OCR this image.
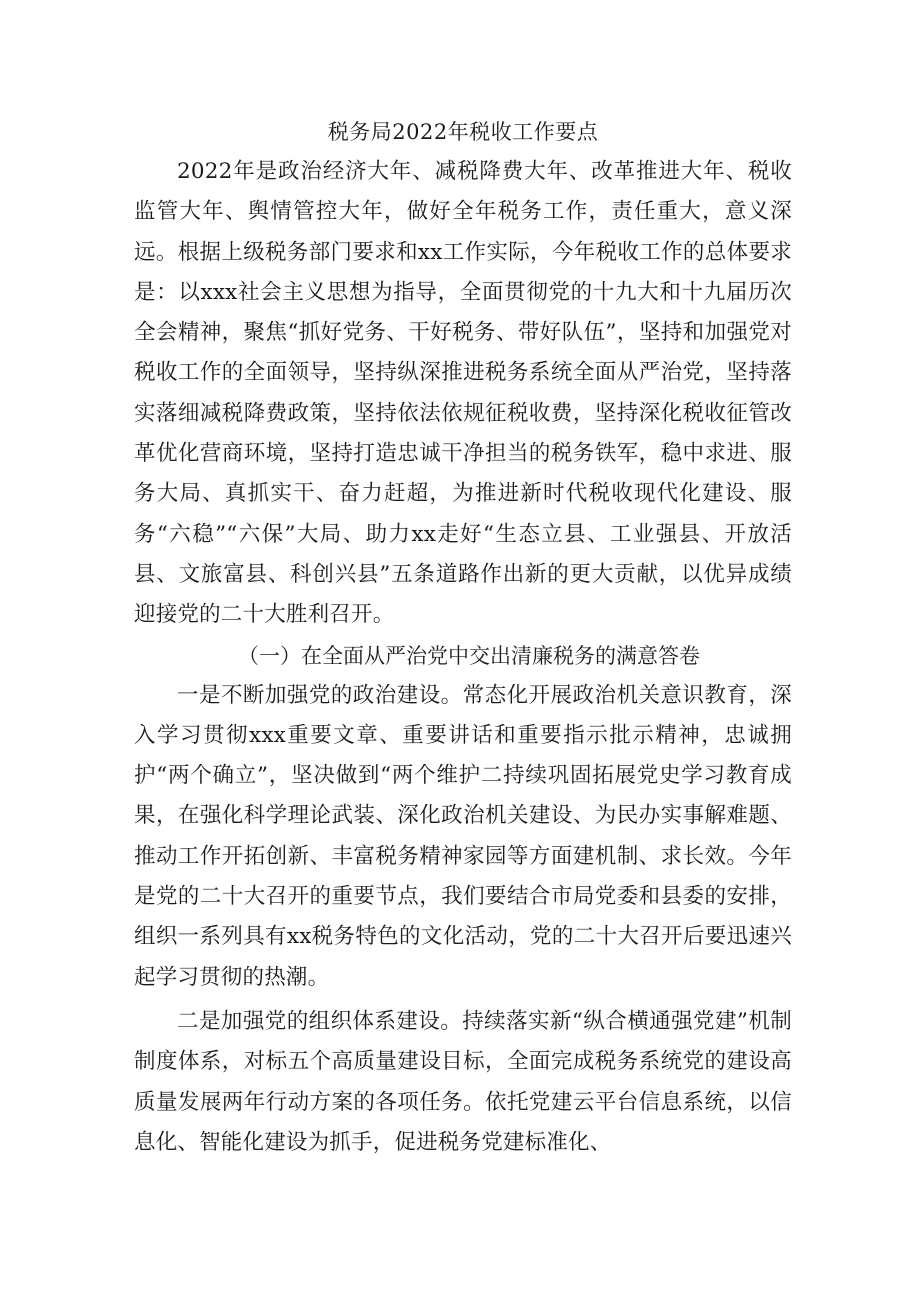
税务局2022年税收工作要点

2022年是政治经济大年、减税降费大年、改革推进大年、税收监管大年、舆情管控大年，做好全年税务工作，责任重大，意义深远。根据上级税务部门要求和xx工作实际，今年税收工作的总体要求是：以xxx社会主义思想为指导，全面贯彻党的十九大和十九届历次全会精神，聚焦“抓好党务、干好税务、带好队伍”，坚持和加强党对税收工作的全面领导，坚持纵深推进税务系统全面从严治党，坚持落实落细减税降费政策，坚持依法依规征税收费，坚持深化税收征管改革优化营商环境，坚持打造忠诚干净担当的税务铁军，稳中求进、服务大局、真抓实干、奋力赶超，为推进新时代税收现代化建设、服务“六稳”“六保”大局、助力xx走好“生态立县、工业强县、开放活县、文旅富县、科创兴县”五条道路作出新的更大贡献，以优异成绩迎接党的二十大胜利召开。

（一）在全面从严治党中交出清廉税务的满意答卷

一是不断加强党的政治建设。常态化开展政治机关意识教育，深入学习贯彻xxx重要文章、重要讲话和重要指示批示精神，忠诚拥护“两个确立”，坚决做到“两个维护二持续巩固拓展党史学习教育成果，在强化科学理论武装、深化政治机关建设、为民办实事解难题、推动工作开拓创新、丰富税务精神家园等方面建机制、求长效。今年是党的二十大召开的重要节点，我们要结合市局党委和县委的安排，组织一系列具有xx税务特色的文化活动，党的二十大召开后要迅速兴起学习贯彻的热潮。

二是加强党的组织体系建设。持续落实新“纵合横通强党建”机制制度体系，对标五个高质量建设目标，全面完成税务系统党的建设高质量发展两年行动方案的各项任务。依托党建云平台信息系统，以信息化、智能化建设为抓手，促进税务党建标准化、
